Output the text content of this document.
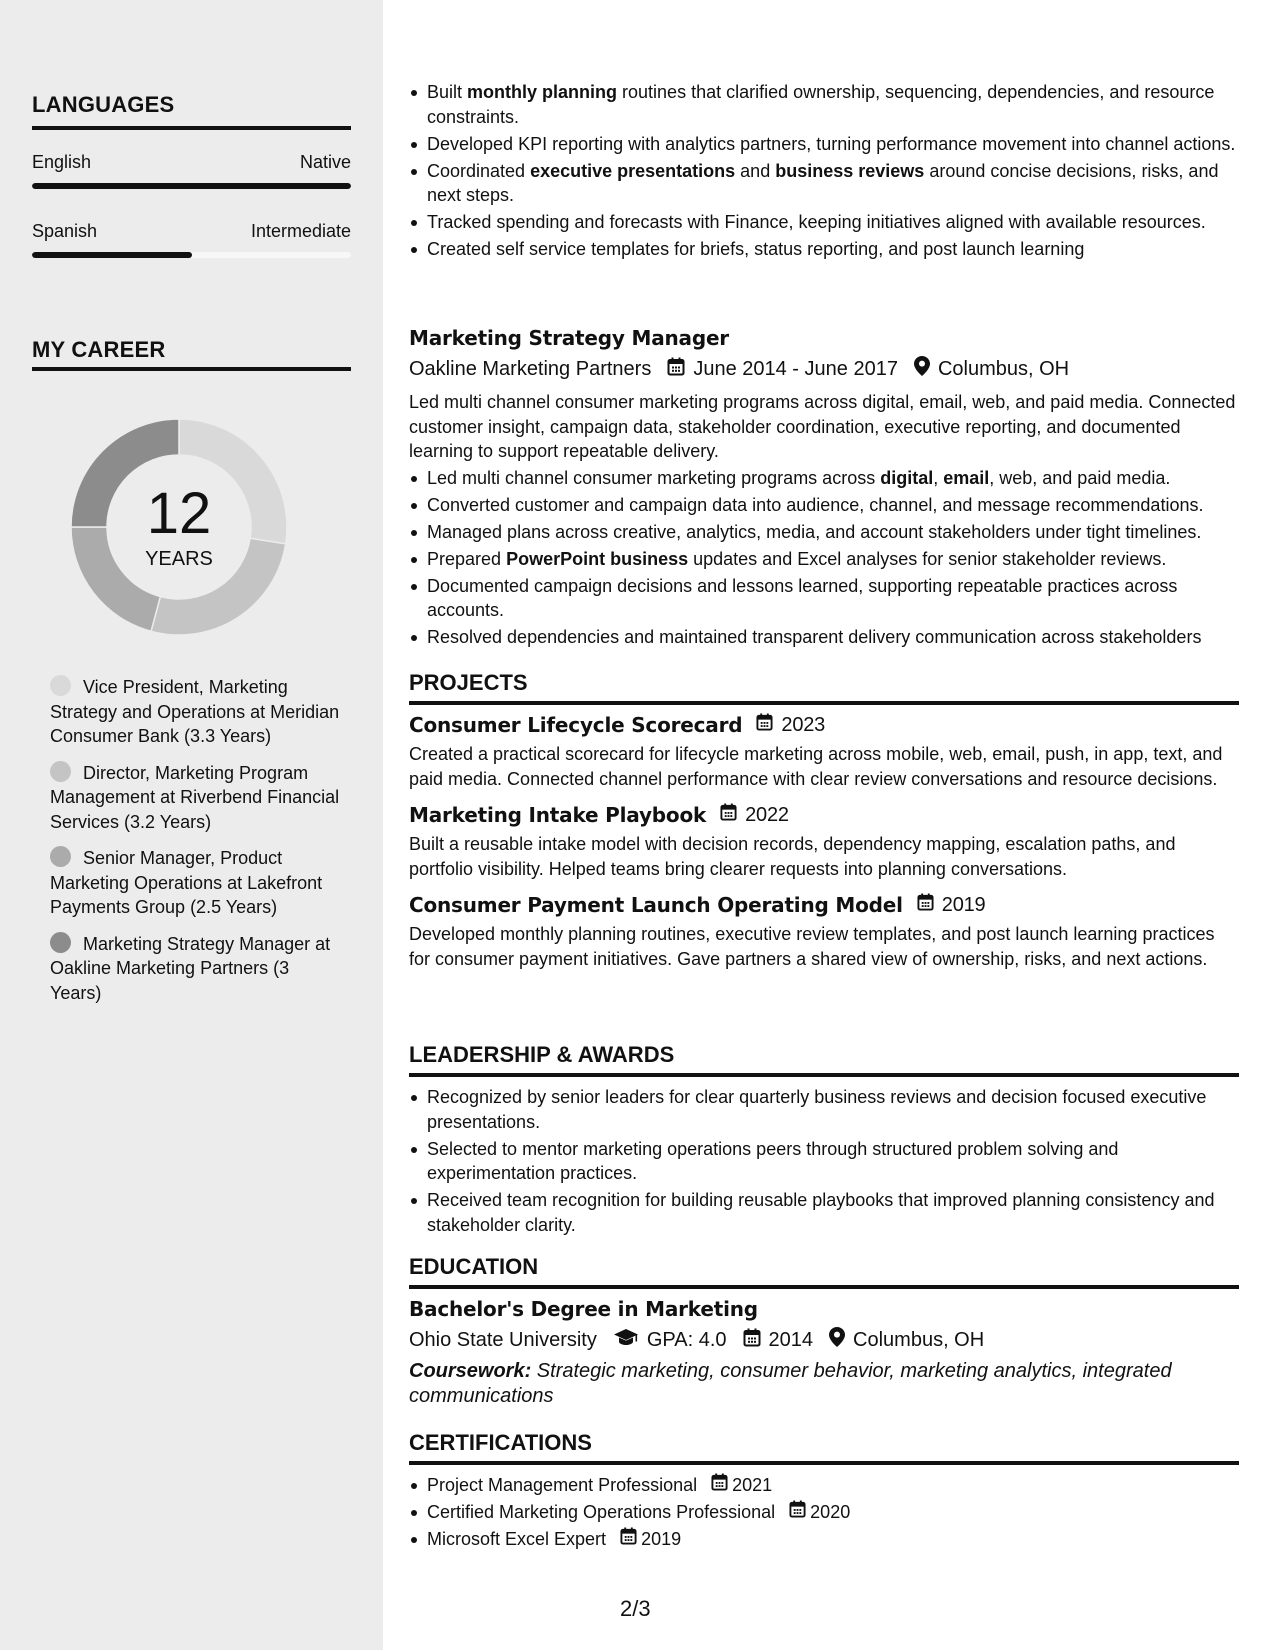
LANGUAGES
English	Native
Spanish	Intermediate
MY CAREER
12
YEARS
Vice President, Marketing Strategy and Operations at Meridian Consumer Bank (3.3 Years)
Director, Marketing Program Management at Riverbend Financial Services (3.2 Years)
Senior Manager, Product Marketing Operations at Lakefront Payments Group (2.5 Years)
Marketing Strategy Manager at Oakline Marketing Partners (3 Years)
Built monthly planning routines that clarified ownership, sequencing, dependencies, and resource constraints.
Developed KPI reporting with analytics partners, turning performance movement into channel actions.
Coordinated executive presentations and business reviews around concise decisions, risks, and next steps.
Tracked spending and forecasts with Finance, keeping initiatives aligned with available resources.
Created self service templates for briefs, status reporting, and post launch learning
Marketing Strategy Manager
Oakline Marketing Partners June 2014 - June 2017 Columbus, OH
Led multi channel consumer marketing programs across digital, email, web, and paid media. Connected customer insight, campaign data, stakeholder coordination, executive reporting, and documented learning to support repeatable delivery.
Led multi channel consumer marketing programs across digital, email, web, and paid media.
Converted customer and campaign data into audience, channel, and message recommendations.
Managed plans across creative, analytics, media, and account stakeholders under tight timelines.
Prepared PowerPoint business updates and Excel analyses for senior stakeholder reviews.
Documented campaign decisions and lessons learned, supporting repeatable practices across accounts.
Resolved dependencies and maintained transparent delivery communication across stakeholders
PROJECTS
Consumer Lifecycle Scorecard 2023
Created a practical scorecard for lifecycle marketing across mobile, web, email, push, in app, text, and paid media. Connected channel performance with clear review conversations and resource decisions.
Marketing Intake Playbook 2022
Built a reusable intake model with decision records, dependency mapping, escalation paths, and portfolio visibility. Helped teams bring clearer requests into planning conversations.
Consumer Payment Launch Operating Model 2019
Developed monthly planning routines, executive review templates, and post launch learning practices for consumer payment initiatives. Gave partners a shared view of ownership, risks, and next actions.
LEADERSHIP & AWARDS
Recognized by senior leaders for clear quarterly business reviews and decision focused executive presentations.
Selected to mentor marketing operations peers through structured problem solving and experimentation practices.
Received team recognition for building reusable playbooks that improved planning consistency and stakeholder clarity.
EDUCATION
Bachelor's Degree in Marketing
Ohio State University	GPA: 4.0 2014 Columbus, OH
Coursework: Strategic marketing, consumer behavior, marketing analytics, integrated communications
CERTIFICATIONS
Project Management Professional 2021
Certified Marketing Operations Professional 2020
Microsoft Excel Expert 2019
2/3
